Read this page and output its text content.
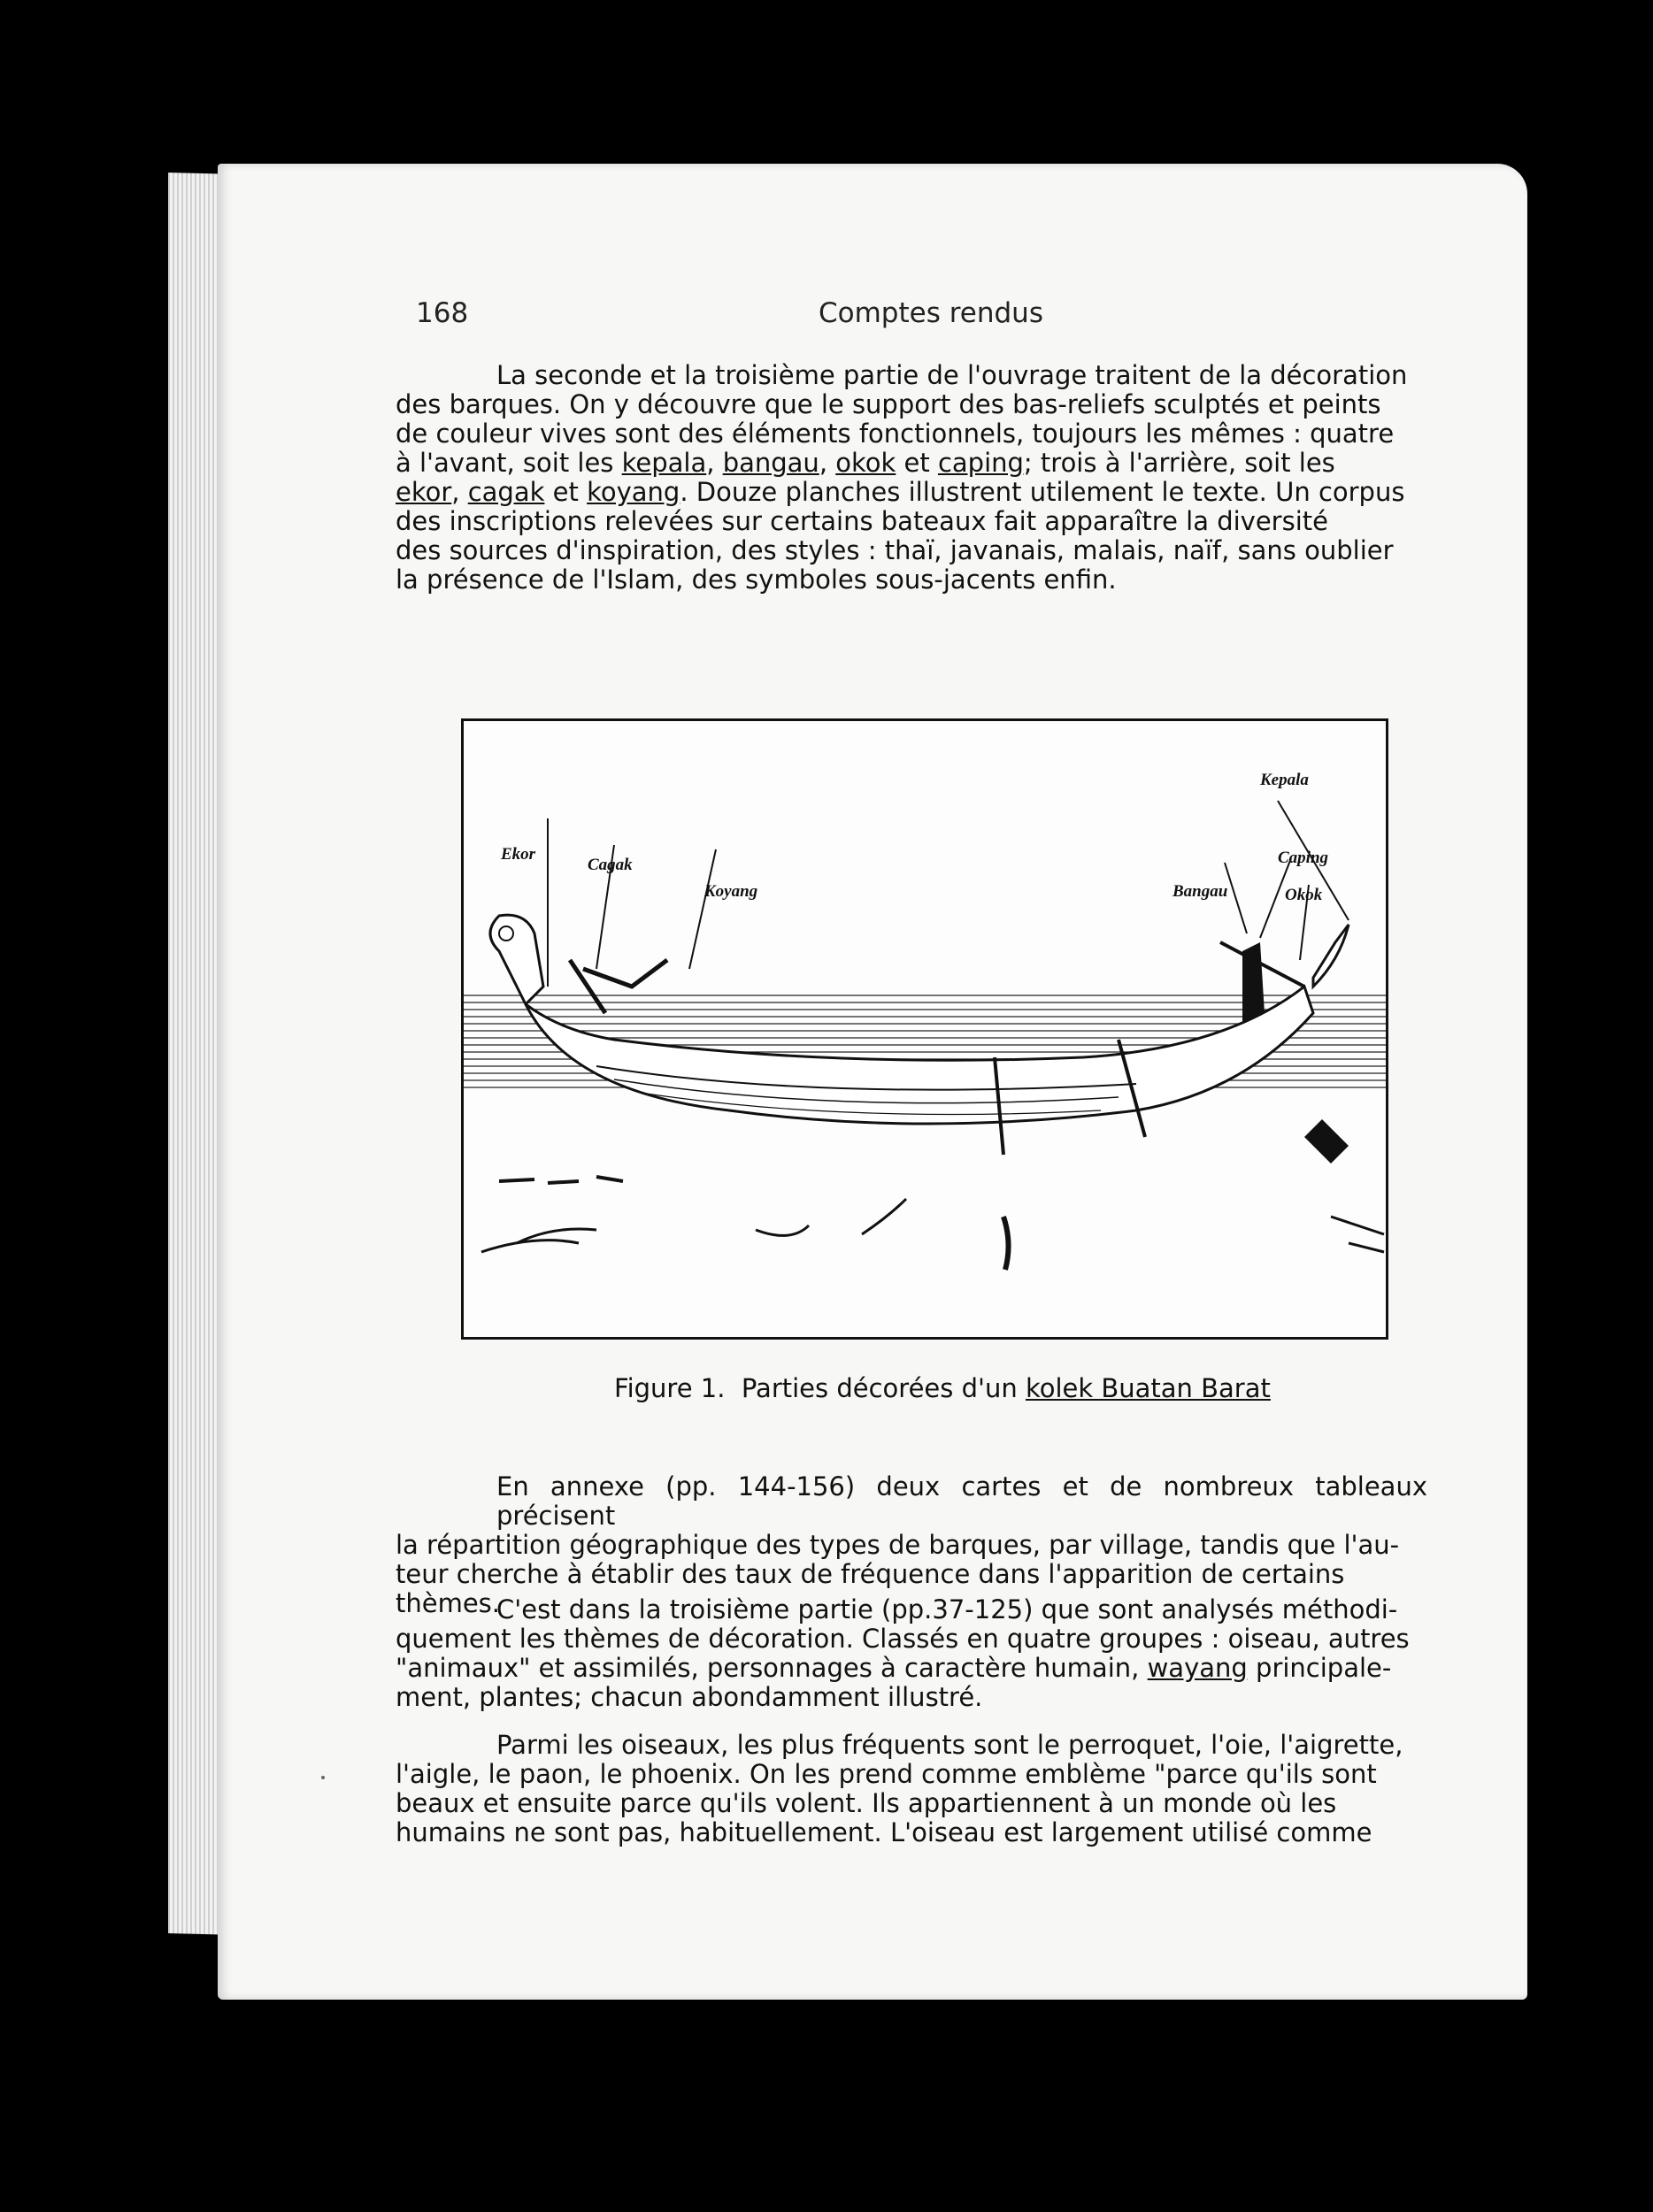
168	Comptes rendus

La seconde et la troisième partie de l'ouvrage traitent de la décoration
des barques. On y découvre que le support des bas-reliefs sculptés et peints
de couleur vives sont des éléments fonctionnels, toujours les mêmes : quatre
à l'avant, soit les kepala, bangau, okok et caping; trois à l'arrière, soit les
ekor, cagak et koyang. Douze planches illustrent utilement le texte. Un corpus
des inscriptions relevées sur certains bateaux fait apparaître la diversité
des sources d'inspiration, des styles : thaï, javanais, malais, naïf, sans oublier
la présence de l'Islam, des symboles sous-jacents enfin.

Ekor
Cagak
Koyang	Bangau
Kepala
Caping
Okok
Figure 1.  Parties décorées d'un kolek Buatan Barat

En annexe (pp. 144-156) deux cartes et de nombreux tableaux précisent
la répartition géographique des types de barques, par village, tandis que l'au-
teur cherche à établir des taux de fréquence dans l'apparition de certains
thèmes.

C'est dans la troisième partie (pp.37-125) que sont analysés méthodi-
quement les thèmes de décoration. Classés en quatre groupes : oiseau, autres
"animaux" et assimilés, personnages à caractère humain, wayang principale-
ment, plantes; chacun abondamment illustré.

Parmi les oiseaux, les plus fréquents sont le perroquet, l'oie, l'aigrette,
l'aigle, le paon, le phoenix. On les prend comme emblème "parce qu'ils sont
beaux et ensuite parce qu'ils volent. Ils appartiennent à un monde où les
humains ne sont pas, habituellement. L'oiseau est largement utilisé comme
